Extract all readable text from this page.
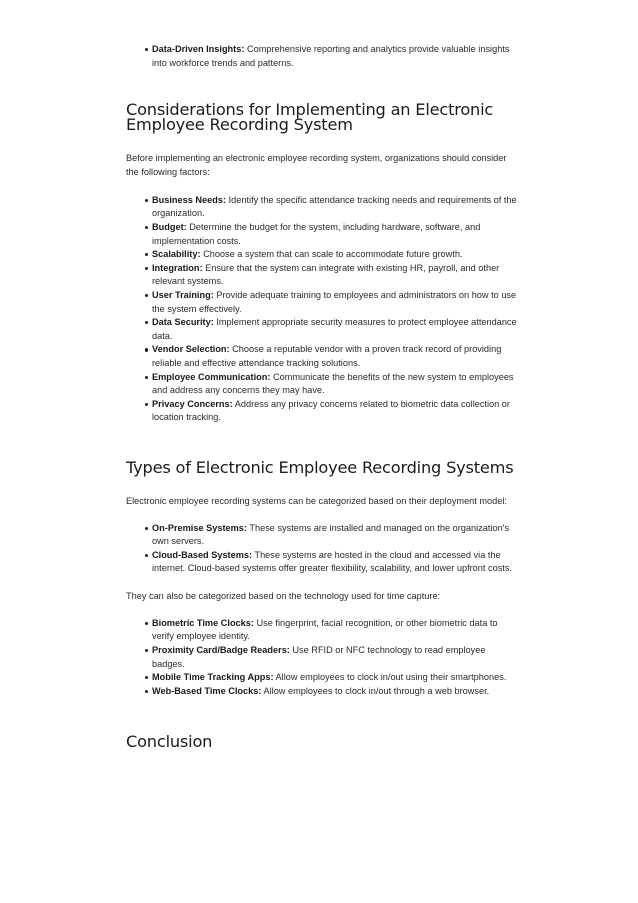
Data-Driven Insights: Comprehensive reporting and analytics provide valuable insights into workforce trends and patterns.
Considerations for Implementing an Electronic Employee Recording System

Before implementing an electronic employee recording system, organizations should consider the following factors:

Business Needs: Identify the specific attendance tracking needs and requirements of the organization.
Budget: Determine the budget for the system, including hardware, software, and implementation costs.
Scalability: Choose a system that can scale to accommodate future growth.
Integration: Ensure that the system can integrate with existing HR, payroll, and other relevant systems.
User Training: Provide adequate training to employees and administrators on how to use the system effectively.
Data Security: Implement appropriate security measures to protect employee attendance data.
Vendor Selection: Choose a reputable vendor with a proven track record of providing reliable and effective attendance tracking solutions.
Employee Communication: Communicate the benefits of the new system to employees and address any concerns they may have.
Privacy Concerns: Address any privacy concerns related to biometric data collection or location tracking.
Types of Electronic Employee Recording Systems

Electronic employee recording systems can be categorized based on their deployment model:

On-Premise Systems: These systems are installed and managed on the organization's own servers.
Cloud-Based Systems: These systems are hosted in the cloud and accessed via the internet. Cloud-based systems offer greater flexibility, scalability, and lower upfront costs.

They can also be categorized based on the technology used for time capture:

Biometric Time Clocks: Use fingerprint, facial recognition, or other biometric data to verify employee identity.
Proximity Card/Badge Readers: Use RFID or NFC technology to read employee badges.
Mobile Time Tracking Apps: Allow employees to clock in/out using their smartphones.
Web-Based Time Clocks: Allow employees to clock in/out through a web browser.
Conclusion
